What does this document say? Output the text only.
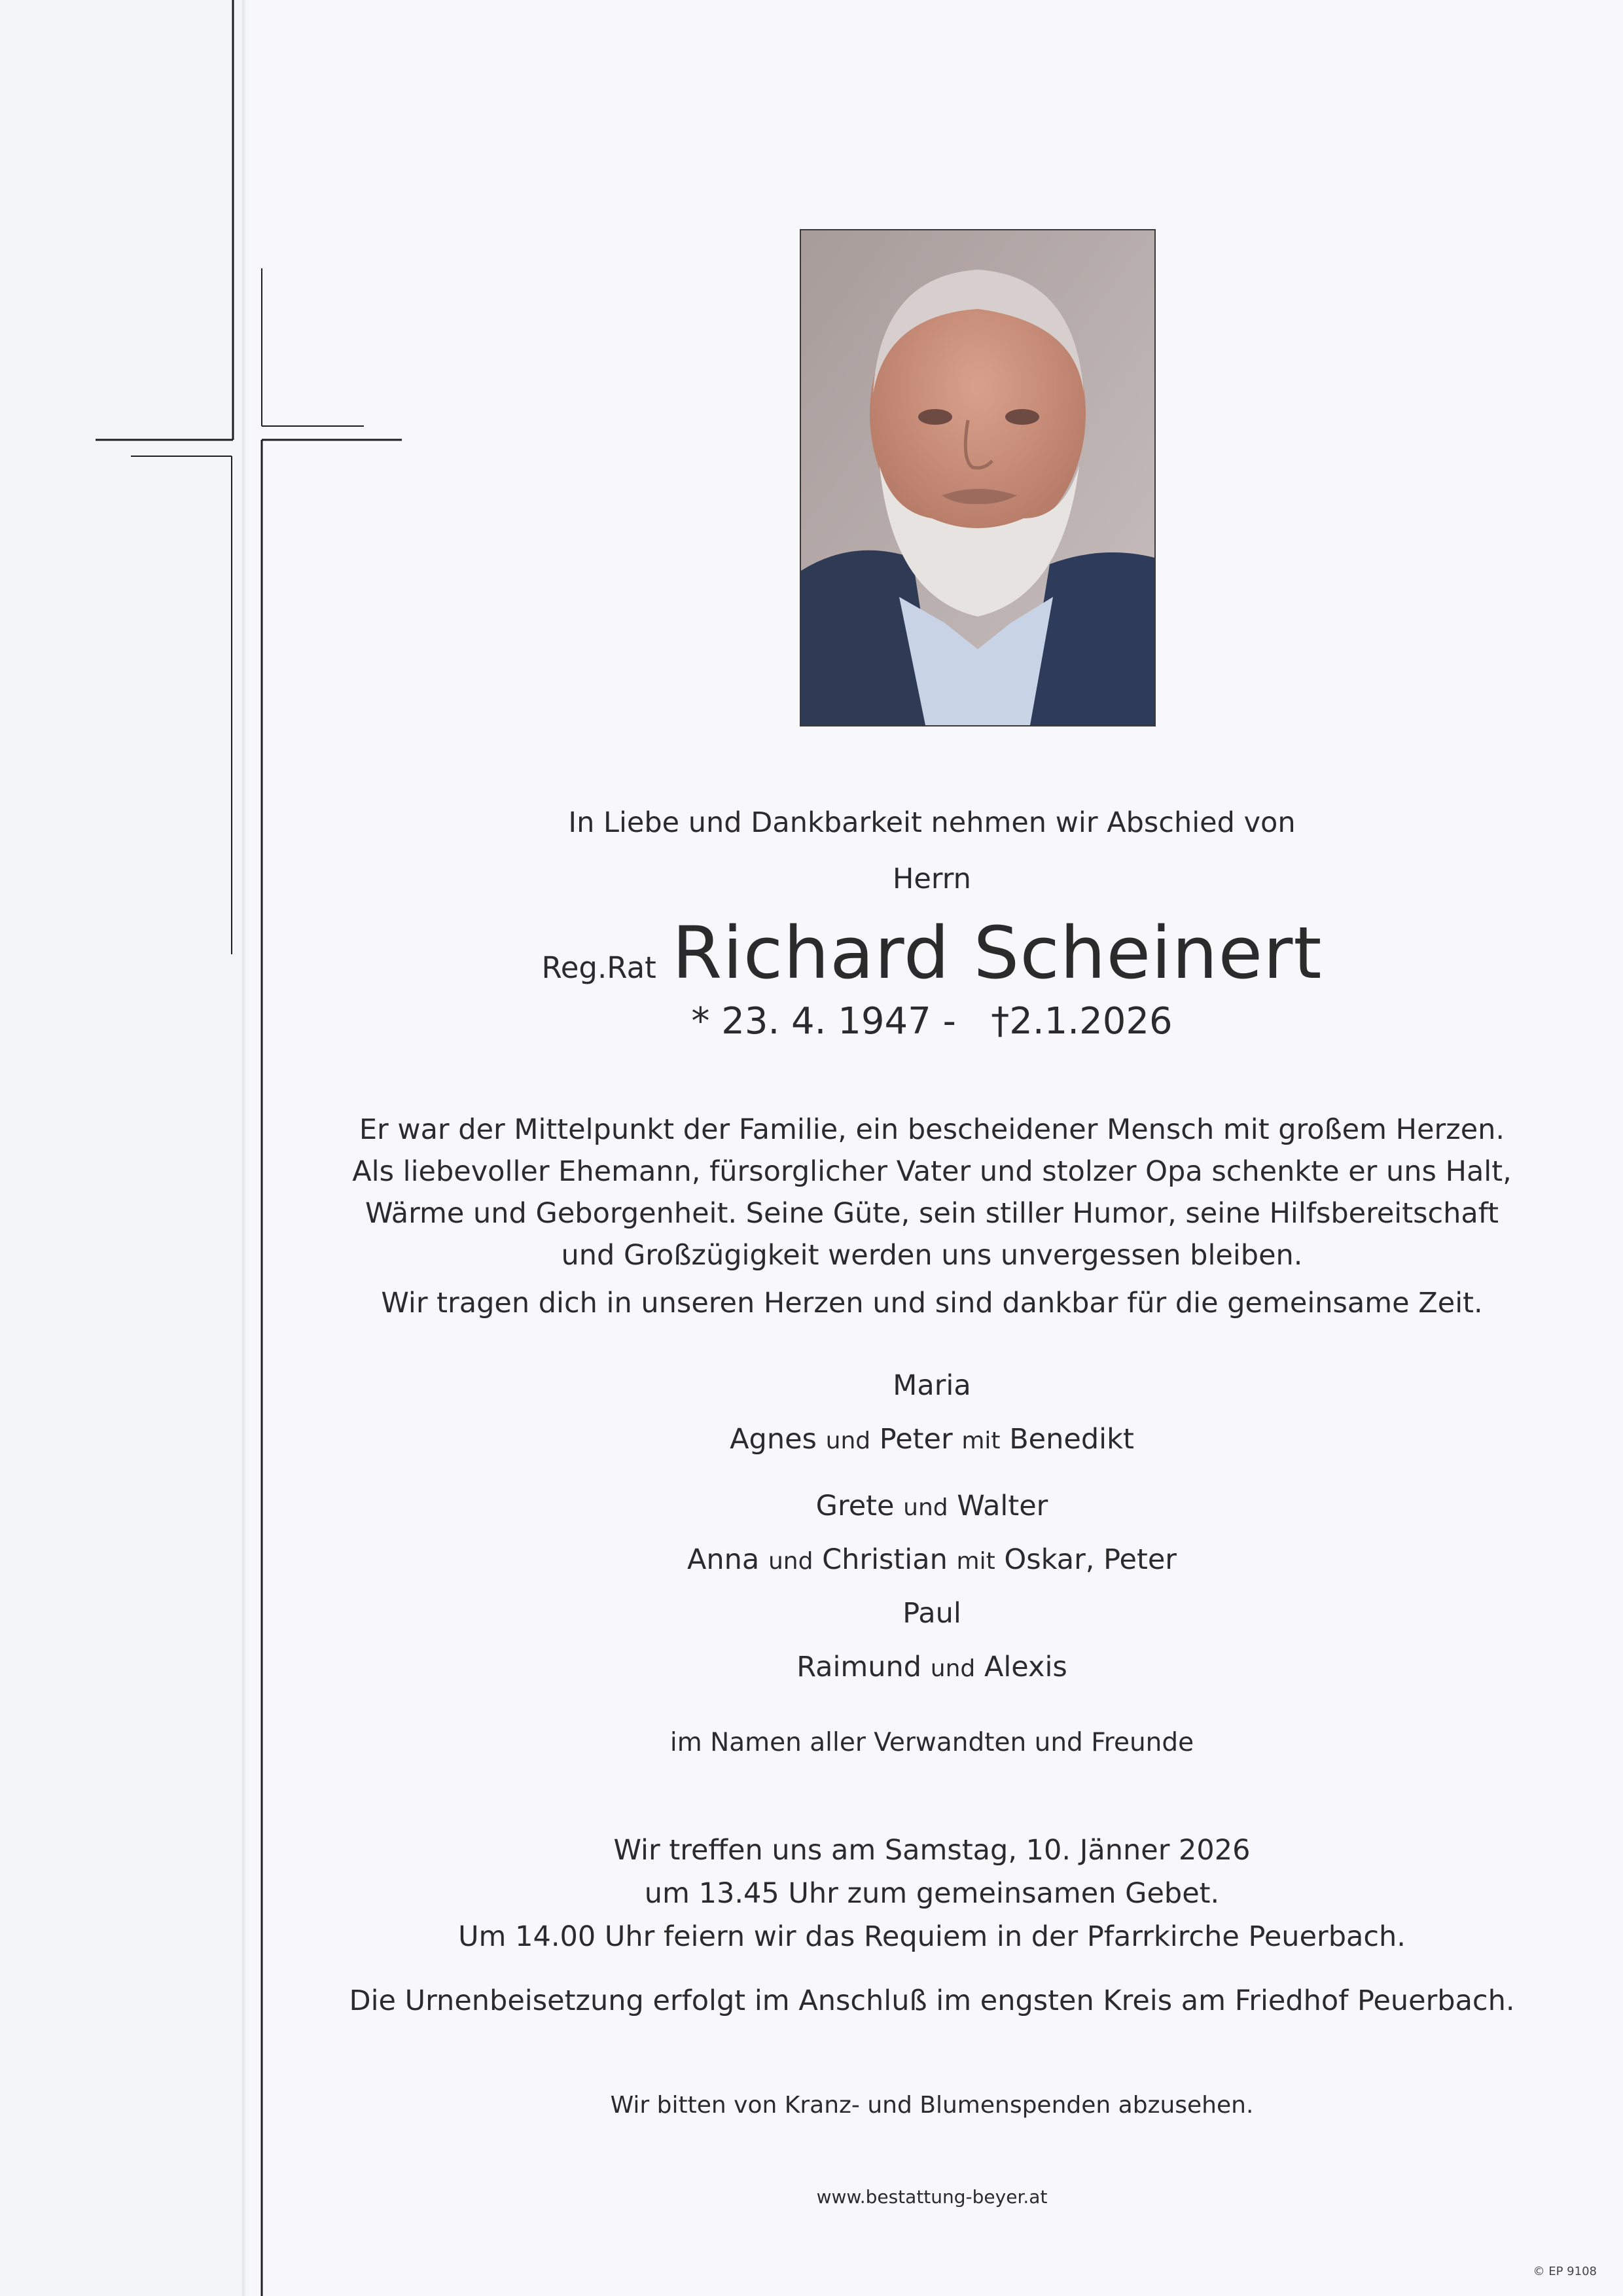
In Liebe und Dankbarkeit nehmen wir Abschied von
Herrn
Reg.Rat Richard Scheinert
* 23. 4. 1947 -   †2.1.2026
Er war der Mittelpunkt der Familie, ein bescheidener Mensch mit großem Herzen.
Als liebevoller Ehemann, fürsorglicher Vater und stolzer Opa schenkte er uns Halt,
Wärme und Geborgenheit. Seine Güte, sein stiller Humor, seine Hilfsbereitschaft
und Großzügigkeit werden uns unvergessen bleiben.
Wir tragen dich in unseren Herzen und sind dankbar für die gemeinsame Zeit.
Maria
Agnes und Peter mit Benedikt
Grete und Walter
Anna und Christian mit Oskar, Peter
Paul
Raimund und Alexis
im Namen aller Verwandten und Freunde
Wir treffen uns am Samstag, 10. Jänner 2026
um 13.45 Uhr zum gemeinsamen Gebet.
Um 14.00 Uhr feiern wir das Requiem in der Pfarrkirche Peuerbach.
Die Urnenbeisetzung erfolgt im Anschluß im engsten Kreis am Friedhof Peuerbach.
Wir bitten von Kranz- und Blumenspenden abzusehen.
www.bestattung-beyer.at
© EP 9108
